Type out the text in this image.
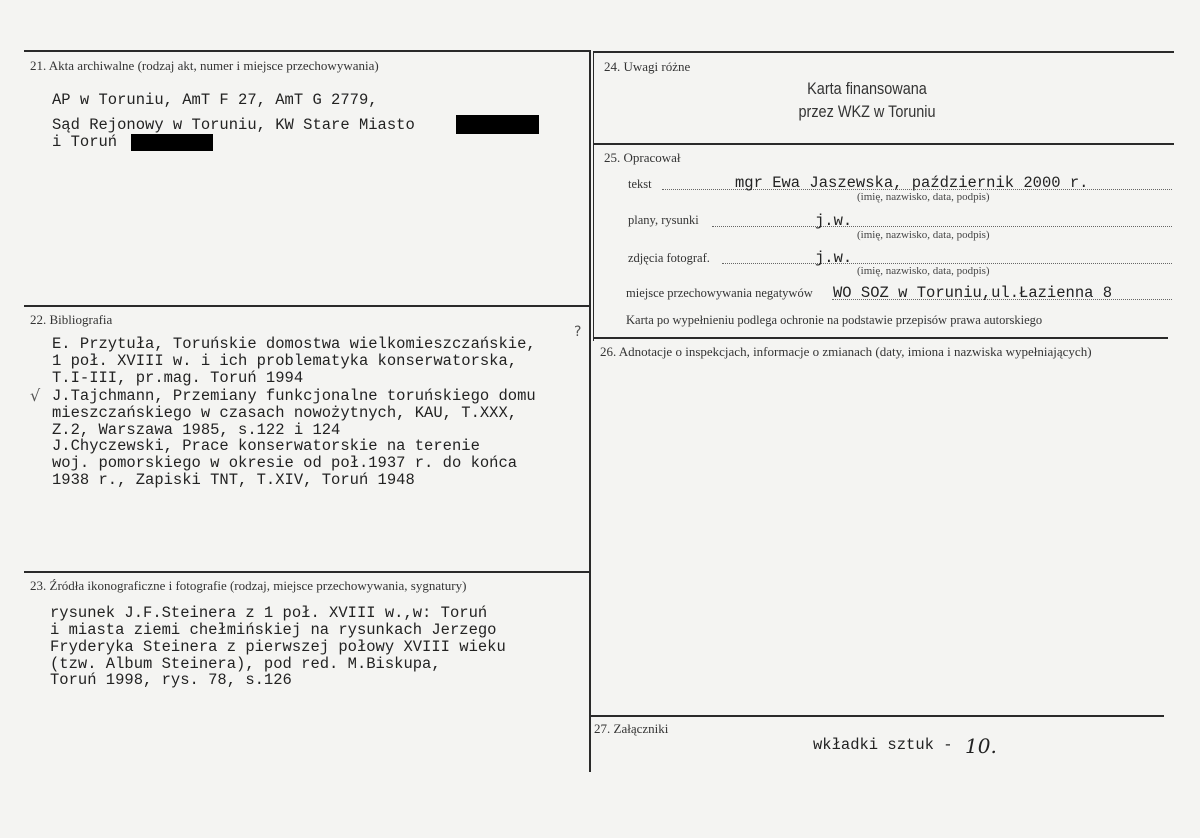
21. Akta archiwalne (rodzaj akt, numer i miejsce przechowywania)
AP w Toruniu, AmT F 27, AmT G 2779,
Sąd Rejonowy w Toruniu, KW Stare Miasto
i Toruń
22. Bibliografia
E. Przytuła, Toruńskie domostwa wielkomieszczańskie,
1 poł. XVIII w. i ich problematyka konserwatorska,
T.I-III, pr.mag. Toruń 1994
J.Tajchmann, Przemiany funkcjonalne toruńskiego domu
mieszczańskiego w czasach nowożytnych, KAU, T.XXX,
Z.2, Warszawa 1985, s.122 i 124
J.Chyczewski, Prace konserwatorskie na terenie
woj. pomorskiego w okresie od poł.1937 r. do końca
1938 r., Zapiski TNT, T.XIV, Toruń 1948
√
?
23. Źródła ikonograficzne i fotografie (rodzaj, miejsce przechowywania, sygnatury)
rysunek J.F.Steinera z 1 poł. XVIII w.,w: Toruń
i miasta ziemi chełmińskiej na rysunkach Jerzego
Fryderyka Steinera z pierwszej połowy XVIII wieku
(tzw. Album Steinera), pod red. M.Biskupa,
Toruń 1998, rys. 78, s.126
24. Uwagi różne
Karta finansowana
przez WKZ w Toruniu
25. Opracował
tekst	mgr Ewa Jaszewska, październik 2000 r.
(imię, nazwisko, data, podpis)
plany, rysunki	j.w.
(imię, nazwisko, data, podpis)
zdjęcia fotograf.	j.w.
(imię, nazwisko, data, podpis)
miejsce przechowywania negatywów WO SOZ w Toruniu,ul.Łazienna 8
Karta po wypełnieniu podlega ochronie na podstawie przepisów prawa autorskiego
26. Adnotacje o inspekcjach, informacje o zmianach (daty, imiona i nazwiska wypełniających)
27. Załączniki
wkładki sztuk - 10.
